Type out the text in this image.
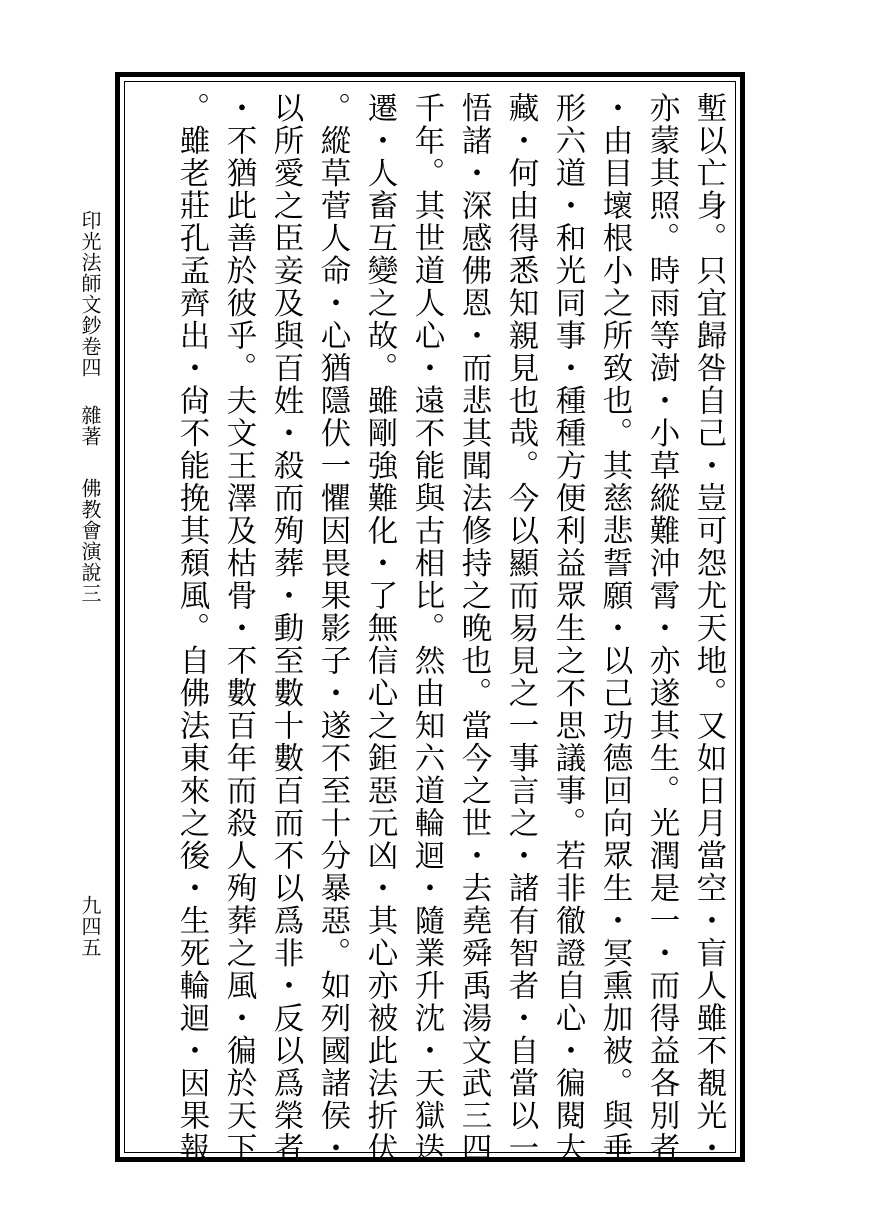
塹以亡身。只宜歸咎自己・豈可怨尤天地。又如日月當空・盲人雖不覩光・
亦蒙其照。時雨等澍・小草縱難沖霄・亦遂其生。光潤是一・而得益各別者
・由目壞根小之所致也。其慈悲誓願・以己功德回向眾生・冥熏加被。與垂
形六道・和光同事・種種方便利益眾生之不思議事。若非徹證自心・徧閱大
藏・何由得悉知親見也哉。今以顯而易見之一事言之・諸有智者・自當以一
悟諸・深感佛恩・而悲其聞法修持之晚也。當今之世・去堯舜禹湯文武三四
千年。其世道人心・遠不能與古相比。然由知六道輪迴・隨業升沈・天獄迭
遷・人畜互變之故。雖剛強難化・了無信心之鉅惡元凶・其心亦被此法折伏
。縱草菅人命・心猶隱伏一懼因畏果影子・遂不至十分暴惡。如列國諸侯・
以所愛之臣妾及與百姓・殺而殉葬・動至數十數百而不以爲非・反以爲榮者
・不猶此善於彼乎。夫文王澤及枯骨・不數百年而殺人殉葬之風・徧於天下
。雖老莊孔孟齊出・尙不能挽其頹風。自佛法東來之後・生死輪迴・因果報
印光法師文鈔卷四
雜著
佛教會演說三
九四五
